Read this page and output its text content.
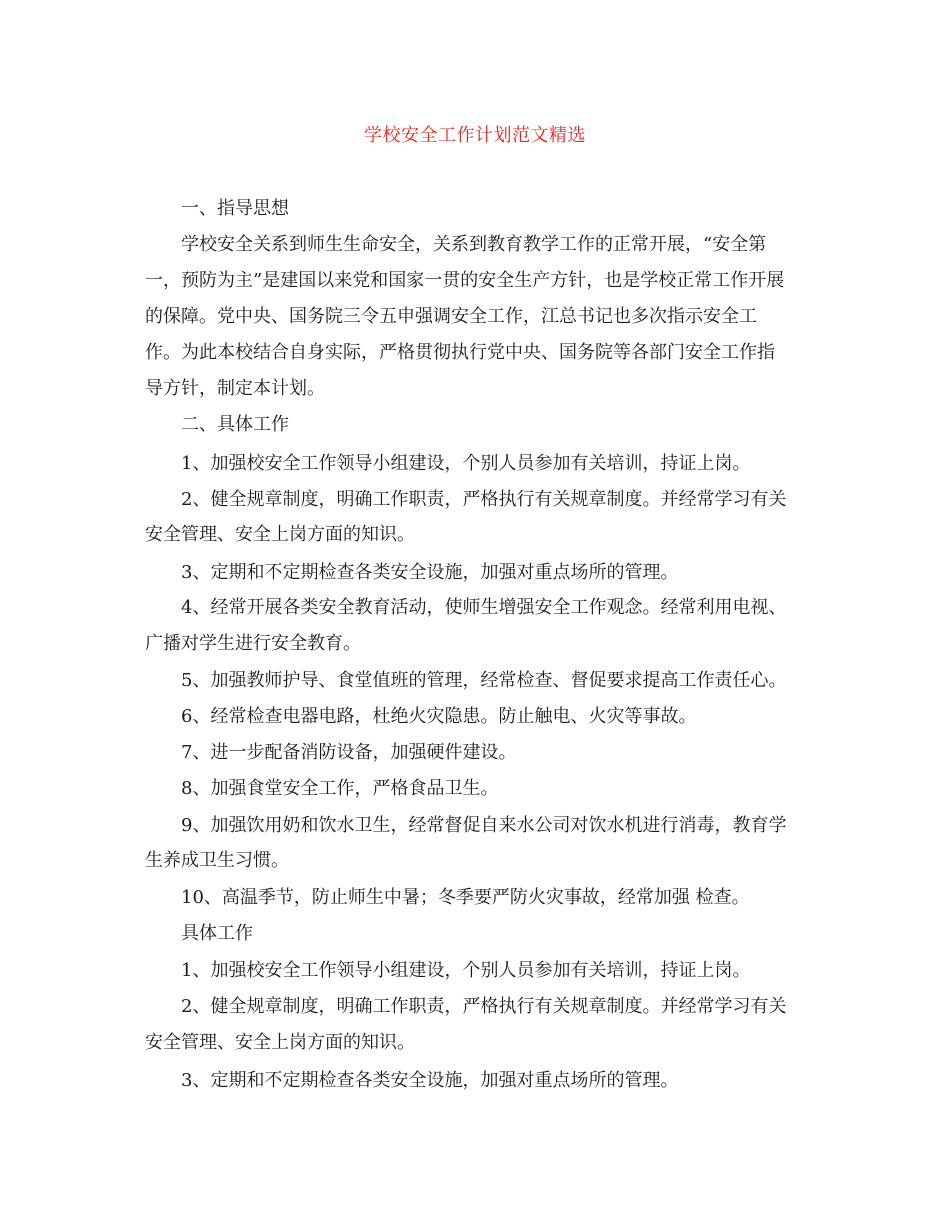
学校安全工作计划范文精选
一、指导思想
学校安全关系到师生生命安全，关系到教育教学工作的正常开展，“安全第
一，预防为主”是建国以来党和国家一贯的安全生产方针，也是学校正常工作开展
的保障。党中央、国务院三令五申强调安全工作，江总书记也多次指示安全工
作。为此本校结合自身实际，严格贯彻执行党中央、国务院等各部门安全工作指
导方针，制定本计划。
二、具体工作
1、加强校安全工作领导小组建设，个别人员参加有关培训，持证上岗。
2、健全规章制度，明确工作职责，严格执行有关规章制度。并经常学习有关
安全管理、安全上岗方面的知识。
3、定期和不定期检查各类安全设施，加强对重点场所的管理。
4、经常开展各类安全教育活动，使师生增强安全工作观念。经常利用电视、
广播对学生进行安全教育。
5、加强教师护导、食堂值班的管理，经常检查、督促要求提高工作责任心。
6、经常检查电器电路，杜绝火灾隐患。防止触电、火灾等事故。
7、进一步配备消防设备，加强硬件建设。
8、加强食堂安全工作，严格食品卫生。
9、加强饮用奶和饮水卫生，经常督促自来水公司对饮水机进行消毒，教育学
生养成卫生习惯。
10、高温季节，防止师生中暑；冬季要严防火灾事故，经常加强 检查。
具体工作
1、加强校安全工作领导小组建设，个别人员参加有关培训，持证上岗。
2、健全规章制度，明确工作职责，严格执行有关规章制度。并经常学习有关
安全管理、安全上岗方面的知识。
3、定期和不定期检查各类安全设施，加强对重点场所的管理。
